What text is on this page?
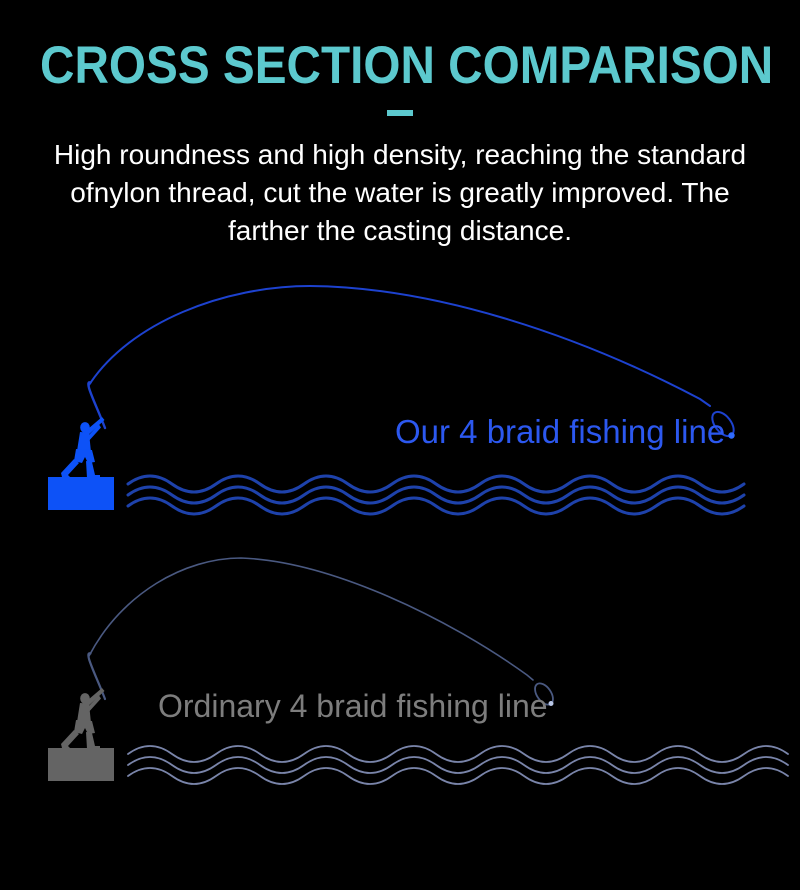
CROSS SECTION COMPARISON
High roundness and high density, reaching the standard
ofnylon thread, cut the water is greatly improved. The
farther the casting distance.
Our 4 braid fishing line
Ordinary 4 braid fishing line
